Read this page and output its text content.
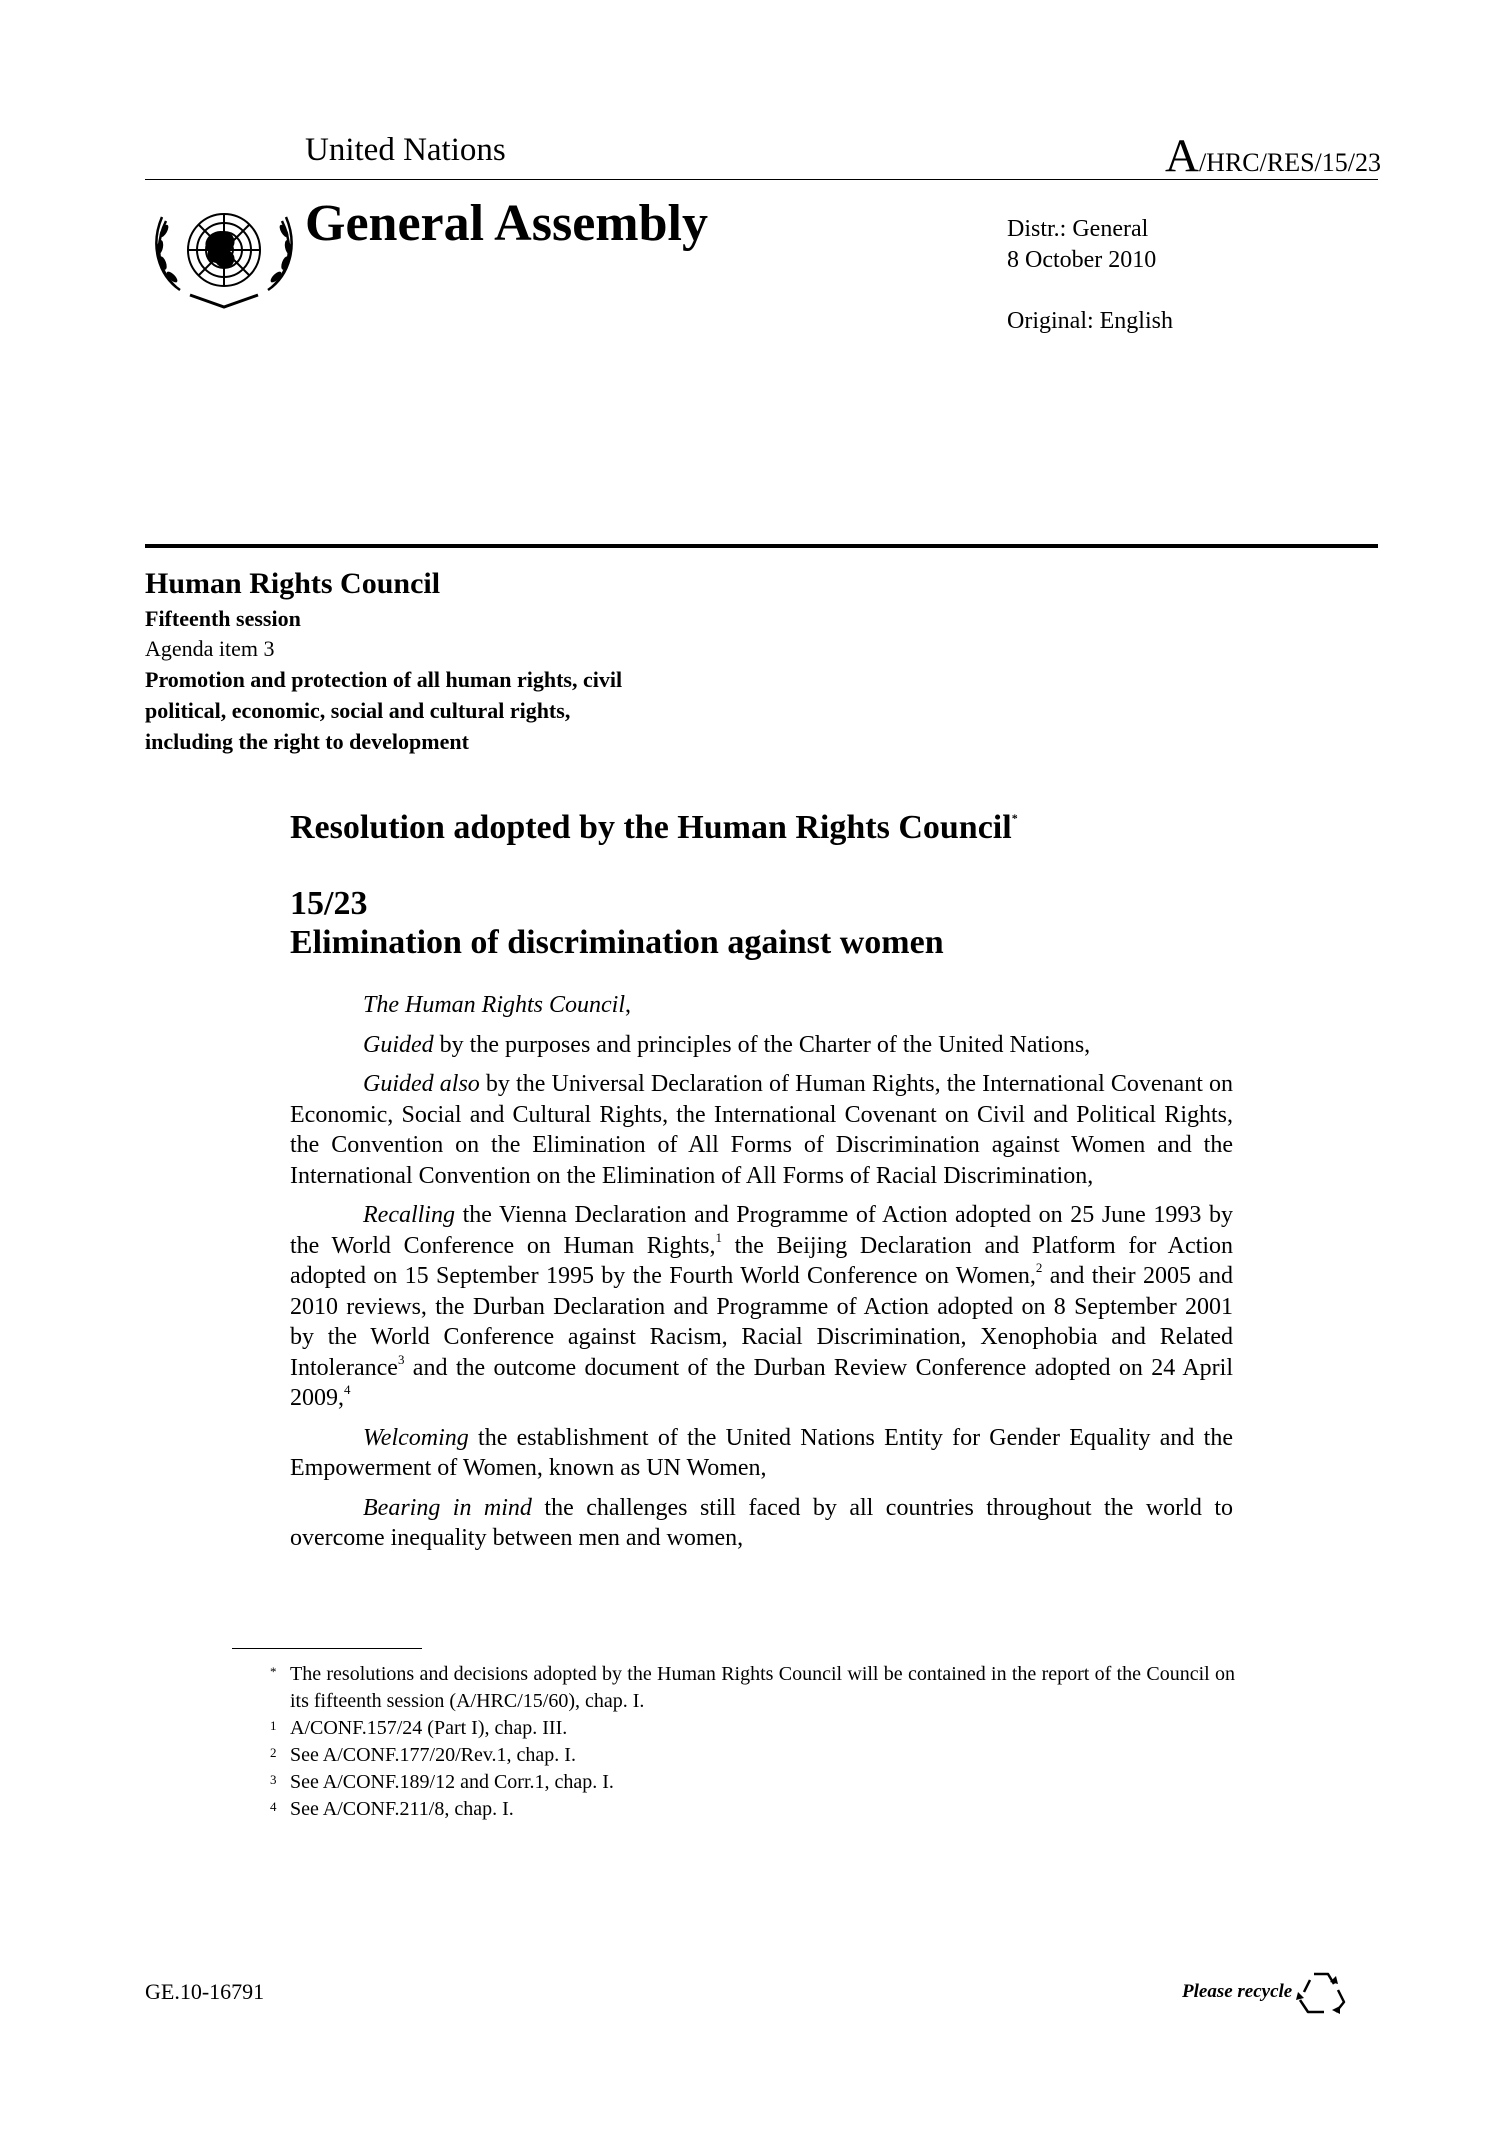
United Nations	A/HRC/RES/15/23
General Assembly	Distr.: General
8 October 2010
Original: English
Human Rights Council
Fifteenth session
Agenda item 3
Promotion and protection of all human rights, civil
political, economic, social and cultural rights,
including the right to development
Resolution adopted by the Human Rights Council*
15/23
Elimination of discrimination against women

The Human Rights Council,

Guided by the purposes and principles of the Charter of the United Nations,

Guided also by the Universal Declaration of Human Rights, the International Covenant on Economic, Social and Cultural Rights, the International Covenant on Civil and Political Rights, the Convention on the Elimination of All Forms of Discrimination against Women and the International Convention on the Elimination of All Forms of Racial Discrimination,

Recalling the Vienna Declaration and Programme of Action adopted on 25 June 1993 by the World Conference on Human Rights,$^1$ the Beijing Declaration and Platform for Action adopted on 15 September 1995 by the Fourth World Conference on Women,$^2$ and their 2005 and 2010 reviews, the Durban Declaration and Programme of Action adopted on 8 September 2001 by the World Conference against Racism, Racial Discrimination, Xenophobia and Related Intolerance$^3$ and the outcome document of the Durban Review Conference adopted on 24 April 2009,$^4$

Welcoming the establishment of the United Nations Entity for Gender Equality and the Empowerment of Women, known as UN Women,

Bearing in mind the challenges still faced by all countries throughout the world to overcome inequality between men and women,

* The resolutions and decisions adopted by the Human Rights Council will be contained in the report of the Council on its fifteenth session (A/HRC/15/60), chap. I.

1 A/CONF.157/24 (Part I), chap. III.

2 See A/CONF.177/20/Rev.1, chap. I.

3 See A/CONF.189/12 and Corr.1, chap. I.

4 See A/CONF.211/8, chap. I.

GE.10-16791	Please recycle
